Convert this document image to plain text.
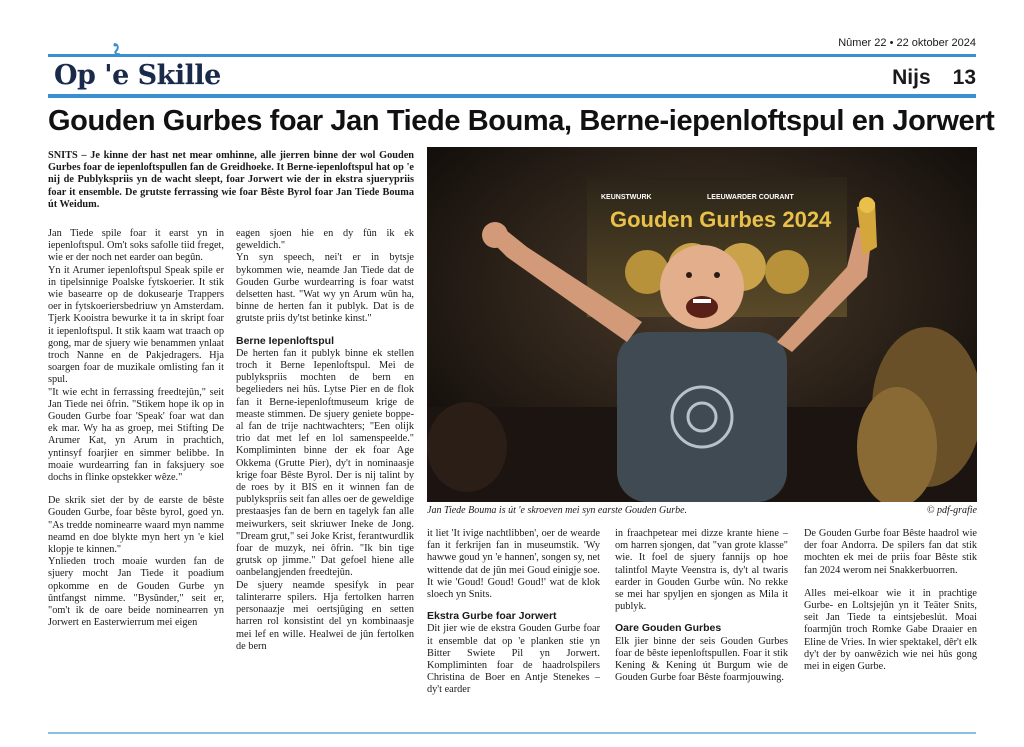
Nûmer 22 • 22 oktober 2024
Op 'e Skille	Nijs 13
Gouden Gurbes foar Jan Tiede Bouma, Berne-iepenloftspul en Jorwert
SNITS – Je kinne der hast net mear omhinne, alle jierren binne der wol Gouden Gurbes foar de iepenloftspullen fan de Greidhoeke. It Berne-iepenloftspul hat op 'e nij de Publykspriis yn de wacht sleept, foar Jorwert wie der in ekstra sjuerypriis foar it ensemble. De grutste ferrassing wie foar Bêste Byrol foar Jan Tiede Bouma út Weidum.

Jan Tiede spile foar it earst yn in iepenloftspul. Om't soks safolle tiid freget, wie er der noch net earder oan begûn.

Yn it Arumer iepenloftspul Speak spile er in tipelsinnige Poalske fytskoerier. It stik wie basearre op de dokusearje Trappers oer in fytskoeriersbedriuw yn Amsterdam. Tjerk Kooistra bewurke it ta in skript foar it iepenloftspul. It stik kaam wat traach op gong, mar de sjuery wie benammen ynlaat troch Nanne en de Pakjedragers. Hja soargen foar de muzikale omlisting fan it spul.

"It wie echt in ferrassing freedtejûn," seit Jan Tiede nei ôfrin. "Stikem hope ik op in Gouden Gurbe foar 'Speak' foar wat dan ek mar. Wy ha as groep, mei Stifting De Arumer Kat, yn Arum in prachtich, yntinsyf foarjier en simmer belibbe. In moaie wurdearring fan in faksjuery soe dochs in flinke opstekker wêze."

De skrik siet der by de earste de bêste Gouden Gurbe, foar bêste byrol, goed yn. "As tredde nominearre waard myn namme neamd en doe blykte myn hert yn 'e kiel klopje te kinnen."

Ynlieden troch moaie wurden fan de sjuery mocht Jan Tiede it poadium opkomme en de Gouden Gurbe yn ûntfangst nimme. "Bysûnder," seit er, "om't ik de oare beide nominearren yn Jorwert en Easterwierrum mei eigen

eagen sjoen hie en dy fûn ik ek geweldich."

Yn syn speech, nei't er in bytsje bykommen wie, neamde Jan Tiede dat de Gouden Gurbe wurdearring is foar watst delsetten hast. "Wat wy yn Arum wûn ha, binne de herten fan it publyk. Dat is de grutste priis dy'tst betinke kinst."

Berne Iepenloftspul

De herten fan it publyk binne ek stellen troch it Berne Iepenloftspul. Mei de publykspriis mochten de bern en begelieders nei hûs. Lytse Pier en de flok fan it Berne-iepenloftmuseum krige de measte stimmen. De sjuery geniete boppe-al fan de trije nachtwachters; "Een olijk trio dat met lef en lol samenspeelde." Kompliminten binne der ek foar Age Okkema (Grutte Pier), dy't in nominaasje krige foar Bêste Byrol. Der is nij talint by de roes by it BIS en it winnen fan de publykspriis seit fan alles oer de geweldige prestaasjes fan de bern en tagelyk fan alle meiwurkers, seit skriuwer Ineke de Jong. "Dream grut," sei Joke Krist, ferantwurdlik foar de muzyk, nei ôfrin. "Ik bin tige grutsk op jimme." Dat gefoel hiene alle oanbelangjenden freedtejûn.

De sjuery neamde spesifyk in pear talinterarre spilers. Hja fertolken harren personaazje mei oertsjûging en setten harren rol konsistint del yn kombinaasje mei lef en wille. Healwei de jûn fertolken de bern

KEUNSTWURK	LEEUWARDER COURANT
Gouden Gurbes 2024
Jan Tiede Bouma is út 'e skroeven mei syn earste Gouden Gurbe.	© pdf-grafie

it liet 'It ivige nachtlibben', oer de wearde fan it ferkrijen fan in museumstik. 'Wy hawwe goud yn 'e hannen', songen sy, net wittende dat de jûn mei Goud einigje soe. It wie 'Goud! Goud! Goud!' wat de klok sloech yn Snits.

Ekstra Gurbe foar Jorwert

Dit jier wie de ekstra Gouden Gurbe foar it ensemble dat op 'e planken stie yn Bitter Swiete Pil yn Jorwert. Kompliminten foar de haadrolspilers Christina de Boer en Antje Stenekes – dy't earder

in fraachpetear mei dizze krante hiene – om harren sjongen, dat "van grote klasse" wie. It foel de sjuery fannijs op hoe talintfol Mayte Veenstra is, dy't al twaris earder in Gouden Gurbe wûn. No rekke se mei har spyljen en sjongen as Mila it publyk.

Oare Gouden Gurbes

Elk jier binne der seis Gouden Gurbes foar de bêste iepenloftspullen. Foar it stik Kening & Kening út Burgum wie de Gouden Gurbe foar Bêste foarmjouwing.

De Gouden Gurbe foar Bêste haadrol wie der foar Andorra. De spilers fan dat stik mochten ek mei de priis foar Bêste stik fan 2024 werom nei Snakkerbuorren.

Alles mei-elkoar wie it in prachtige Gurbe- en Loltsjejûn yn it Teäter Snits, seit Jan Tiede ta eintsjebeslút. Moai foarmjûn troch Romke Gabe Draaier en Eline de Vries. In wier spektakel, dêr't elk dy't der by oanwêzich wie nei hûs gong mei in eigen Gurbe.
